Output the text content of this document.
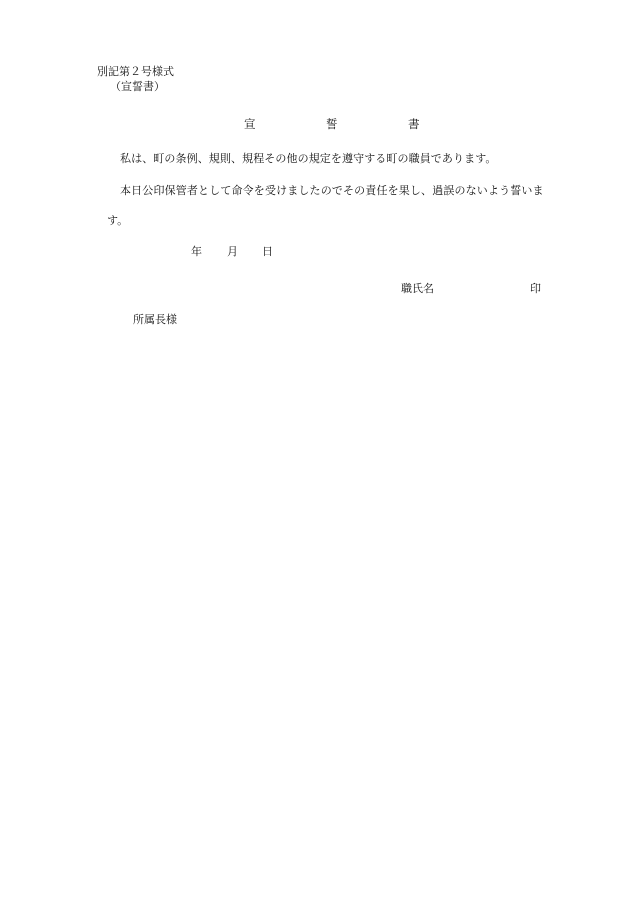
別記第２号様式
（宣誓書）
宣	誓	書
私は、町の条例、規則、規程その他の規定を遵守する町の職員であります。
本日公印保管者として命令を受けましたのでその責任を果し、過誤のないよう誓いま
す。
年 月 日
職氏名	印
所属長様
